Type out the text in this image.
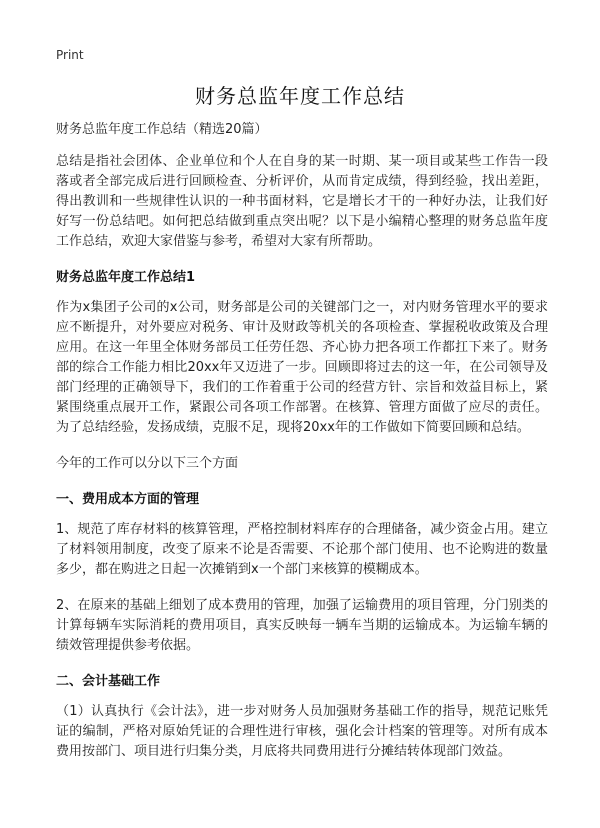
Print
财务总监年度工作总结

财务总监年度工作总结（精选20篇）

总结是指社会团体、企业单位和个人在自身的某一时期、某一项目或某些工作告一段落或者全部完成后进行回顾检查、分析评价，从而肯定成绩，得到经验，找出差距，得出教训和一些规律性认识的一种书面材料，它是增长才干的一种好办法，让我们好好写一份总结吧。如何把总结做到重点突出呢？以下是小编精心整理的财务总监年度工作总结，欢迎大家借鉴与参考，希望对大家有所帮助。

财务总监年度工作总结1

作为x集团子公司的x公司，财务部是公司的关键部门之一，对内财务管理水平的要求应不断提升，对外要应对税务、审计及财政等机关的各项检查、掌握税收政策及合理应用。在这一年里全体财务部员工任劳任怨、齐心协力把各项工作都扛下来了。财务部的综合工作能力相比20xx年又迈进了一步。回顾即将过去的这一年，在公司领导及部门经理的正确领导下，我们的工作着重于公司的经营方针、宗旨和效益目标上，紧紧围绕重点展开工作，紧跟公司各项工作部署。在核算、管理方面做了应尽的责任。为了总结经验，发扬成绩，克服不足，现将20xx年的工作做如下简要回顾和总结。

今年的工作可以分以下三个方面

一、费用成本方面的管理

1、规范了库存材料的核算管理，严格控制材料库存的合理储备，减少资金占用。建立了材料领用制度，改变了原来不论是否需要、不论那个部门使用、也不论购进的数量多少，都在购进之日起一次摊销到x一个部门来核算的模糊成本。

2、在原来的基础上细划了成本费用的管理，加强了运输费用的项目管理，分门别类的计算每辆车实际消耗的费用项目，真实反映每一辆车当期的运输成本。为运输车辆的绩效管理提供参考依据。

二、会计基础工作

（1）认真执行《会计法》，进一步对财务人员加强财务基础工作的指导，规范记账凭证的编制，严格对原始凭证的合理性进行审核，强化会计档案的管理等。对所有成本费用按部门、项目进行归集分类，月底将共同费用进行分摊结转体现部门效益。
